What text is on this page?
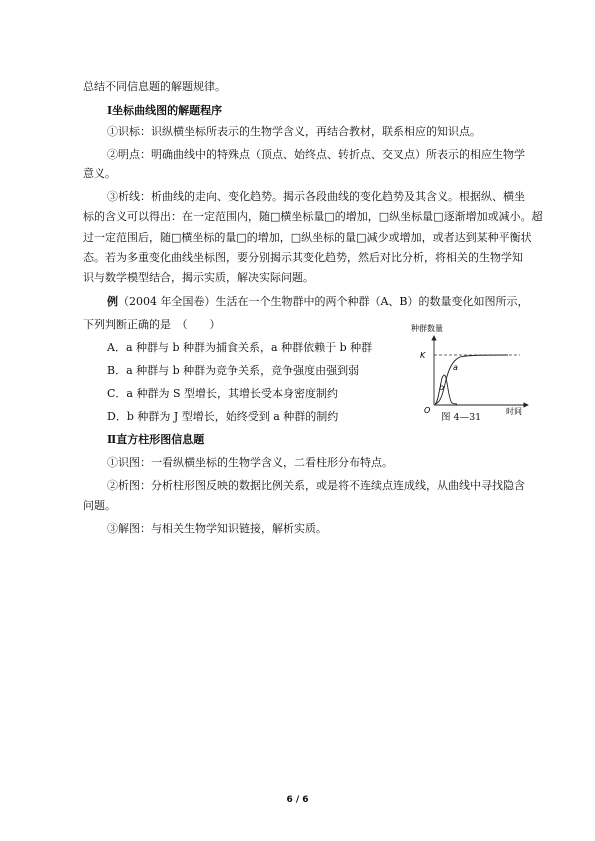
总结不同信息题的解题规律。
Ⅰ坐标曲线图的解题程序
①识标：识纵横坐标所表示的生物学含义，再结合教材，联系相应的知识点。
②明点：明确曲线中的特殊点（顶点、始终点、转折点、交叉点）所表示的相应生物学
意义。
③析线：析曲线的走向、变化趋势。揭示各段曲线的变化趋势及其含义。根据纵、横坐
标的含义可以得出：在一定范围内，随□横坐标量□的增加，□纵坐标量□逐渐增加或减小。超
过一定范围后，随□横坐标的量□的增加，□纵坐标的量□减少或增加，或者达到某种平衡状
态。若为多重变化曲线坐标图，要分别揭示其变化趋势，然后对比分析，将相关的生物学知
识与数学模型结合，揭示实质，解决实际问题。
例（2004 年全国卷）生活在一个生物群中的两个种群（A、B）的数量变化如图所示，
下列判断正确的是　（　　）
A．a 种群与 b 种群为捕食关系，a 种群依赖于 b 种群
B．a 种群与 b 种群为竞争关系，竞争强度由强到弱
C．a 种群为 S 型增长，其增长受本身密度制约
D．b 种群为 J 型增长，始终受到 a 种群的制约
种群数量
K
a
b
O	时间
图 4—31
Ⅱ直方柱形图信息题
①识图：一看纵横坐标的生物学含义，二看柱形分布特点。
②析图：分析柱形图反映的数据比例关系，或是将不连续点连成线，从曲线中寻找隐含
问题。
③解图：与相关生物学知识链接，解析实质。
6 / 6
